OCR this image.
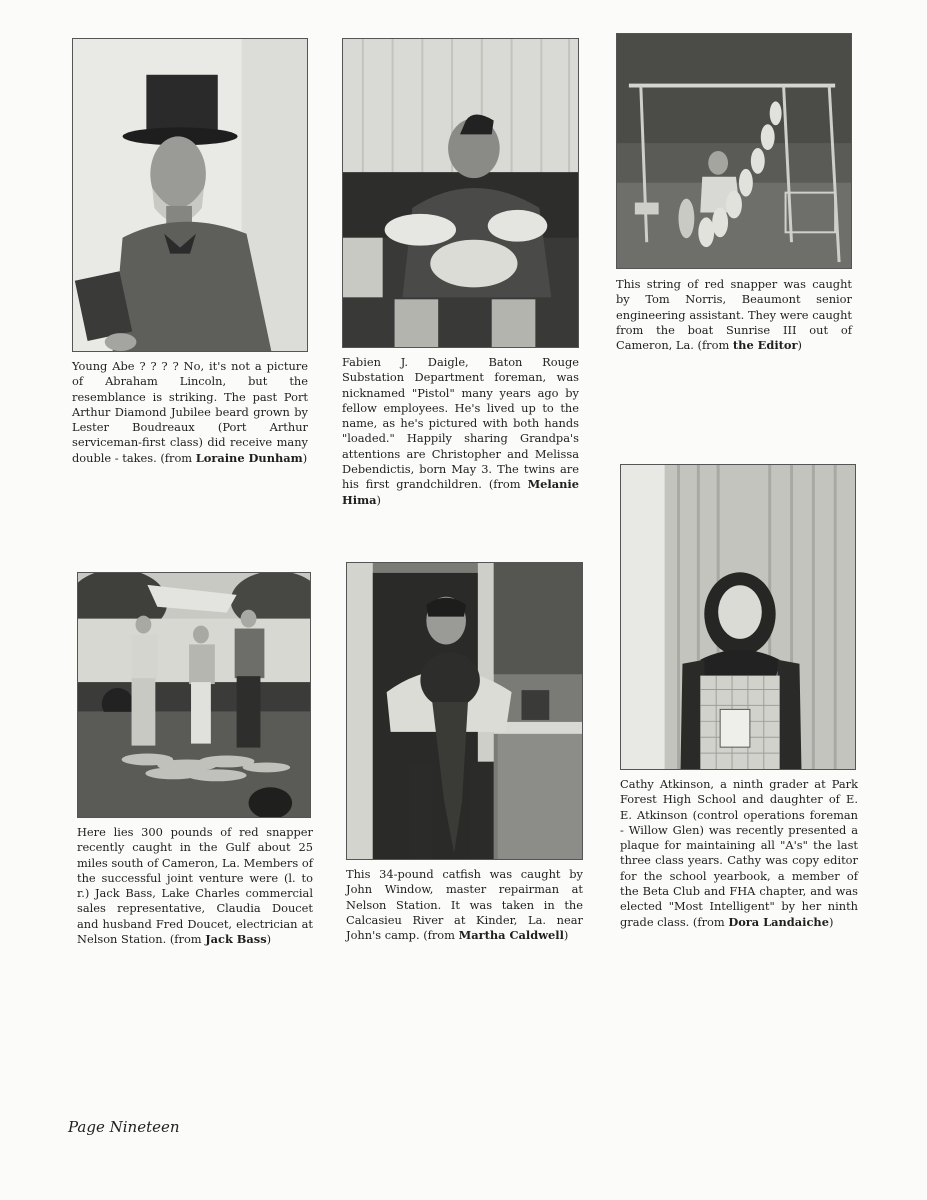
Young Abe ? ? ? ? No, it's not a picture of Abraham Lincoln, but the resemblance is striking. The past Port Arthur Diamond Jubilee beard grown by Lester Boudreaux (Port Arthur serviceman-first class) did receive many double - takes. (from Loraine Dunham)

Fabien J. Daigle, Baton Rouge Substation Department foreman, was nicknamed "Pistol" many years ago by fellow employees. He's lived up to the name, as he's pictured with both hands "loaded." Happily sharing Grandpa's attentions are Christopher and Melissa Debendictis, born May 3. The twins are his first grandchildren. (from Melanie Hima)

This string of red snapper was caught by Tom Norris, Beaumont senior engineering assistant. They were caught from the boat Sunrise III out of Cameron, La. (from the Editor)

Here lies 300 pounds of red snapper recently caught in the Gulf about 25 miles south of Cameron, La. Members of the successful joint venture were (l. to r.) Jack Bass, Lake Charles commercial sales representative, Claudia Doucet and husband Fred Doucet, electrician at Nelson Station. (from Jack Bass)

This 34-pound catfish was caught by John Window, master repairman at Nelson Station. It was taken in the Calcasieu River at Kinder, La. near John's camp. (from Martha Caldwell)

Cathy Atkinson, a ninth grader at Park Forest High School and daughter of E. E. Atkinson (control operations foreman - Willow Glen) was recently presented a plaque for maintaining all "A's" the last three class years. Cathy was copy editor for the school yearbook, a member of the Beta Club and FHA chapter, and was elected "Most Intelligent" by her ninth grade class. (from Dora Landaiche)

Page Nineteen
